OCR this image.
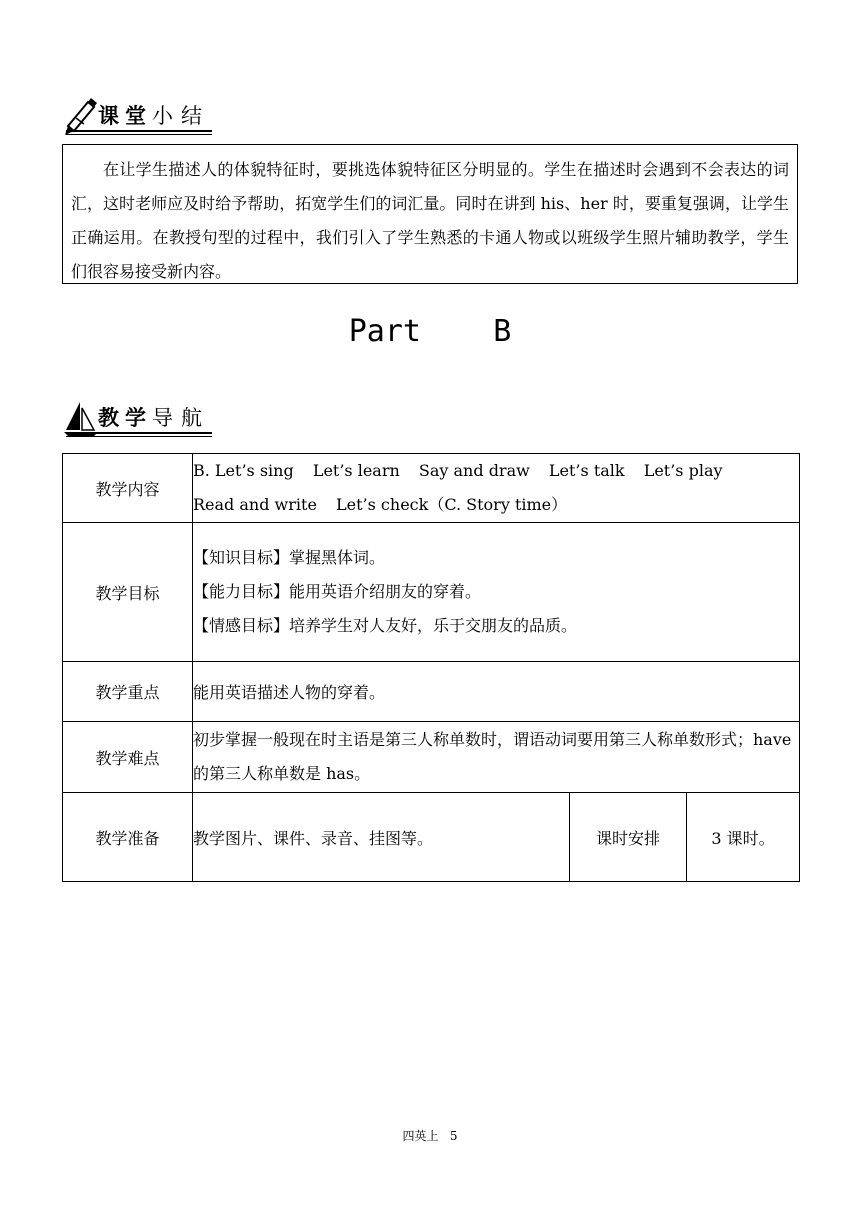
课堂小结
在让学生描述人的体貌特征时，要挑选体貌特征区分明显的。学生在描述时会遇到不会表达的词汇，这时老师应及时给予帮助，拓宽学生们的词汇量。同时在讲到 his、her 时，要重复强调，让学生正确运用。在教授句型的过程中，我们引入了学生熟悉的卡通人物或以班级学生照片辅助教学，学生们很容易接受新内容。
Part    B
教学导航
教学内容	B. Let’s sing Let’s learn Say and draw Let’s talk Let’s play
Read and write Let’s check（C. Story time）		

教学目标	【知识目标】掌握黑体词。
【能力目标】能用英语介绍朋友的穿着。
【情感目标】培养学生对人友好，乐于交朋友的品质。		

教学重点	能用英语描述人物的穿着。		
教学难点	初步掌握一般现在时主语是第三人称单数时，谓语动词要用第三人称单数形式；have 的第三人称单数是 has。		
教学准备	教学图片、课件、录音、挂图等。	课时安排	3 课时。
四英上 5
